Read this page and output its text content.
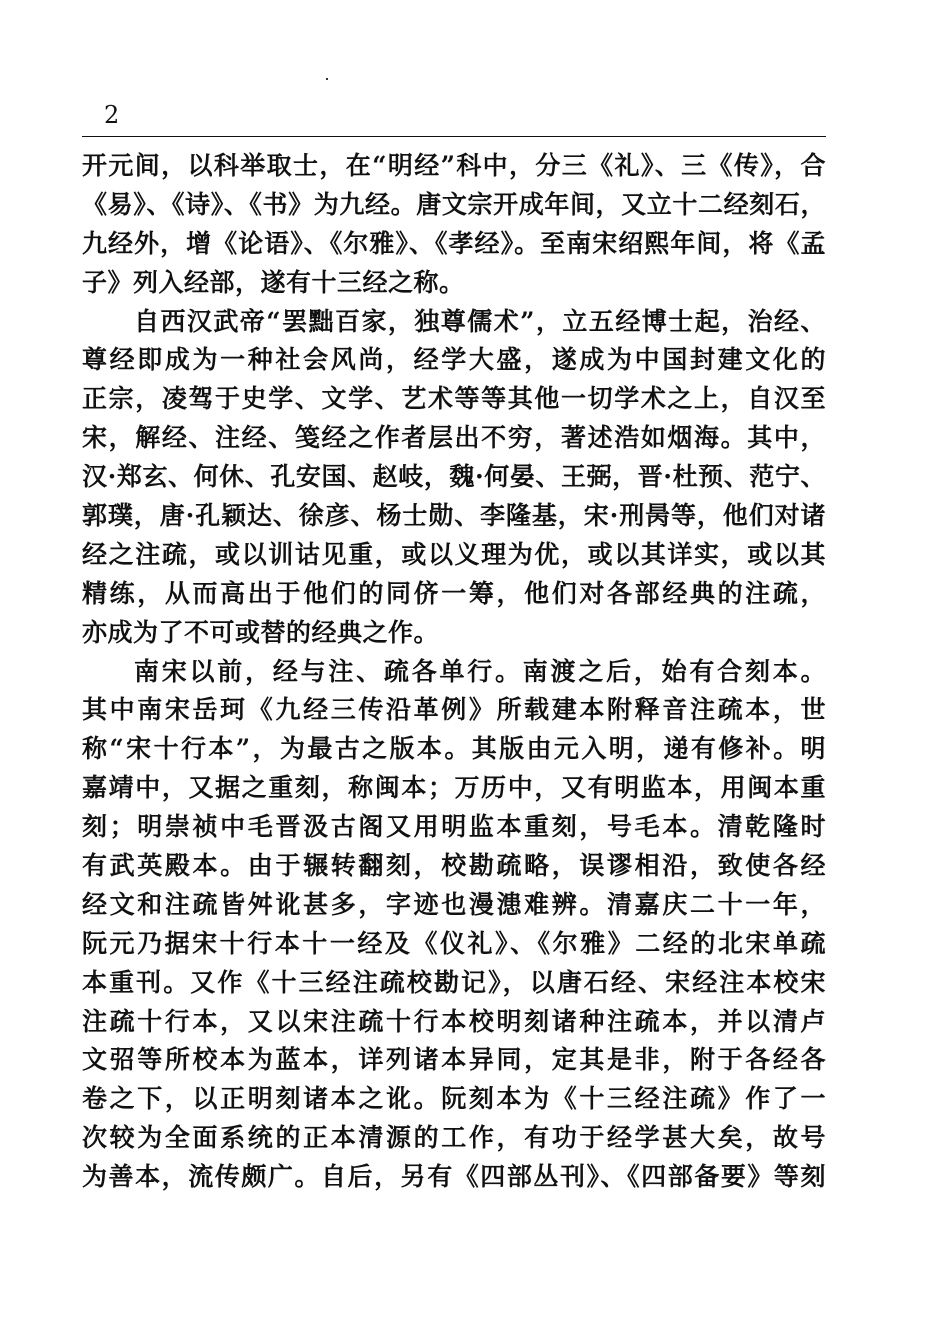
2
开元间，以科举取士，在“明经”科中，分三《礼》、三《传》，合
《易》、《诗》、《书》为九经。唐文宗开成年间，又立十二经刻石，
九经外，增《论语》、《尔雅》、《孝经》。至南宋绍熙年间，将《孟
子》列入经部，遂有十三经之称。
自西汉武帝“罢黜百家，独尊儒术”，立五经博士起，治经、
尊经即成为一种社会风尚，经学大盛，遂成为中国封建文化的
正宗，凌驾于史学、文学、艺术等等其他一切学术之上，自汉至
宋，解经、注经、笺经之作者层出不穷，著述浩如烟海。其中，
汉·郑玄、何休、孔安国、赵岐，魏·何晏、王弼，晋·杜预、范宁、
郭璞，唐·孔颖达、徐彦、杨士勋、李隆基，宋·刑昺等，他们对诸
经之注疏，或以训诂见重，或以义理为优，或以其详实，或以其
精练，从而高出于他们的同侪一筹，他们对各部经典的注疏，
亦成为了不可或替的经典之作。
南宋以前，经与注、疏各单行。南渡之后，始有合刻本。
其中南宋岳珂《九经三传沿革例》所载建本附释音注疏本，世
称“宋十行本”，为最古之版本。其版由元入明，递有修补。明
嘉靖中，又据之重刻，称闽本；万历中，又有明监本，用闽本重
刻；明崇祯中毛晋汲古阁又用明监本重刻，号毛本。清乾隆时
有武英殿本。由于辗转翻刻，校勘疏略，误谬相沿，致使各经
经文和注疏皆舛讹甚多，字迹也漫漶难辨。清嘉庆二十一年，
阮元乃据宋十行本十一经及《仪礼》、《尔雅》二经的北宋单疏
本重刊。又作《十三经注疏校勘记》，以唐石经、宋经注本校宋
注疏十行本，又以宋注疏十行本校明刻诸种注疏本，并以清卢
文弨等所校本为蓝本，详列诸本异同，定其是非，附于各经各
卷之下，以正明刻诸本之讹。阮刻本为《十三经注疏》作了一
次较为全面系统的正本清源的工作，有功于经学甚大矣，故号
为善本，流传颇广。自后，另有《四部丛刊》、《四部备要》等刻
